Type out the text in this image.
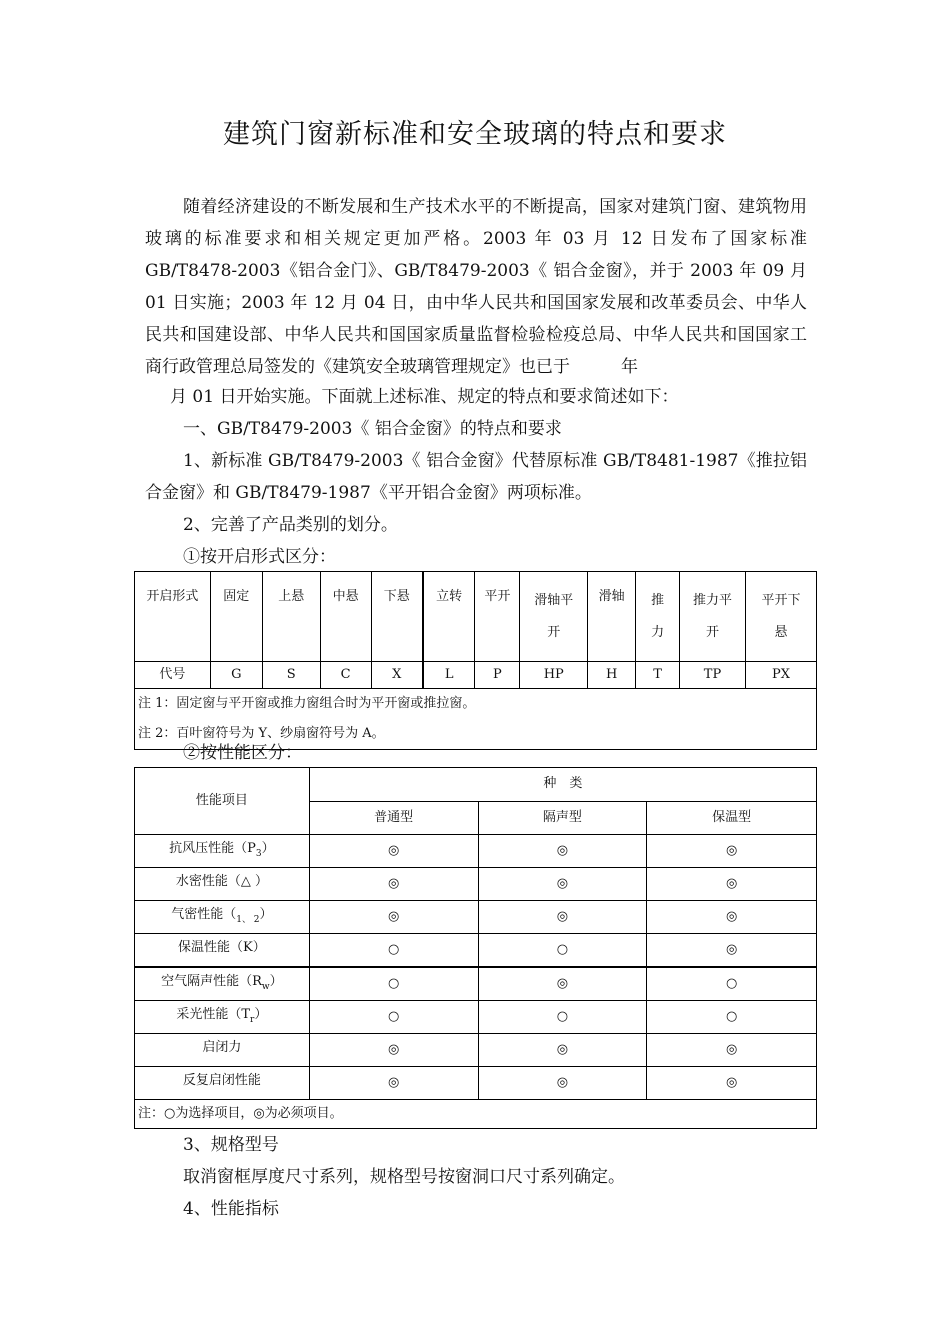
建筑门窗新标准和安全玻璃的特点和要求

随着经济建设的不断发展和生产技术水平的不断提高，国家对建筑门窗、建筑物用玻璃的标准要求和相关规定更加严格。2003 年 03 月 12 日发布了国家标准 GB/T8478-2003《铝合金门》、GB/T8479-2003《 铝合金窗》，并于 2003 年 09 月 01 日实施；2003 年 12 月 04 日，由中华人民共和国国家发展和改革委员会、中华人民共和国建设部、中华人民共和国国家质量监督检验检疫总局、中华人民共和国国家工商行政管理总局签发的《建筑安全玻璃管理规定》也已于　　　年

月 01 日开始实施。下面就上述标准、规定的特点和要求简述如下：

一、GB/T8479-2003《 铝合金窗》的特点和要求

1、新标准 GB/T8479-2003《 铝合金窗》代替原标准 GB/T8481-1987《推拉铝合金窗》和 GB/T8479-1987《平开铝合金窗》两项标准。

2、完善了产品类别的划分。

①按开启形式区分：

开启形式	固定	上悬	中悬	下悬	立转	平开	滑轴平开	滑轴	推力	推力平开	平开下悬
代号	G	S	C	X	L	P	HP	H	T	TP	PX
注 1：固定窗与平开窗或推力窗组合时为平开窗或推拉窗。											
注 2：百叶窗符号为 Y、纱扇窗符号为 A。											

②按性能区分：

性能项目	种　类		
	普通型	隔声型	保温型
抗风压性能$(P_3)$	◎	◎	◎
水密性能（△ ）	◎	◎	◎
气密性能$(_{1、 2})$	◎	◎	◎
保温性能（K）	○	○	◎
空气隔声性能$(R_w)$	○	◎	○
采光性能$(T_r)$	○	○	○
启闭力	◎	◎	◎
反复启闭性能	◎	◎	◎
注：○为选择项目，◎为必须项目。			

3、规格型号

取消窗框厚度尺寸系列，规格型号按窗洞口尺寸系列确定。

4、性能指标
